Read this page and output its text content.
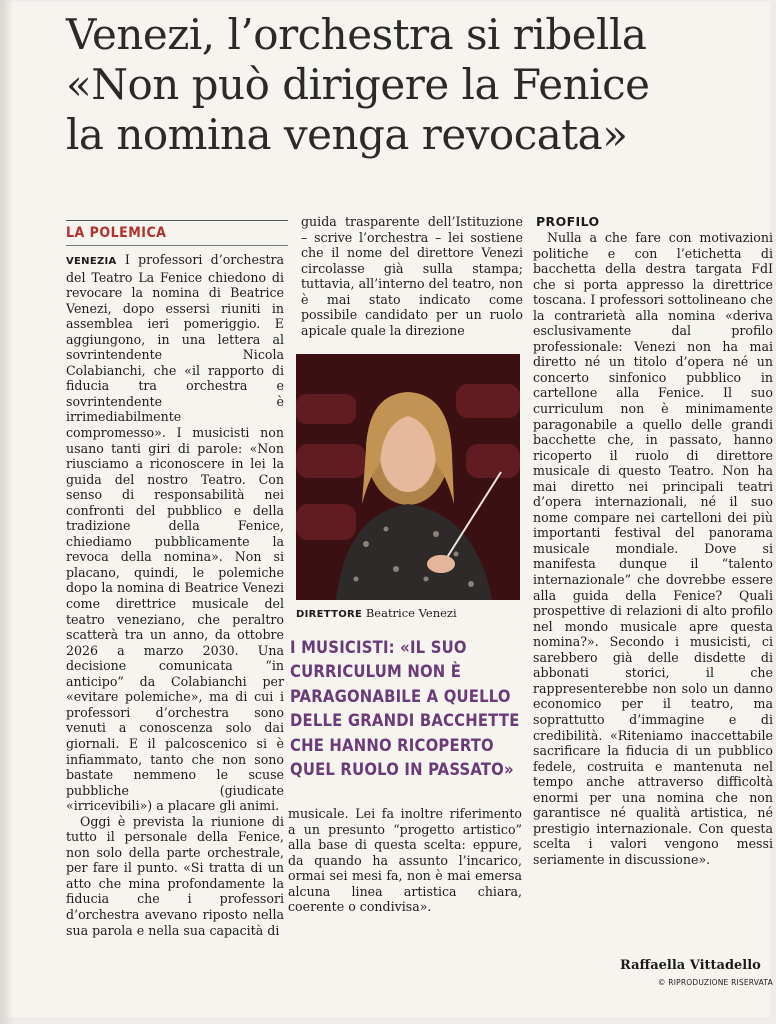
Venezi, l’orchestra si ribella
«Non può dirigere la Fenice
la nomina venga revocata»
LA POLEMICA

VENEZIA I professori d’orchestra del Teatro La Fenice chiedono di revocare la nomina di Beatrice Venezi, dopo essersi riuniti in assemblea ieri pomeriggio. E aggiungono, in una lettera al sovrintendente Nicola Colabianchi, che «il rapporto di fiducia tra orchestra e sovrintendente è irrimediabilmente compromesso». I musicisti non usano tanti giri di parole: «Non riusciamo a riconoscere in lei la guida del nostro Teatro. Con senso di responsabilità nei confronti del pubblico e della tradizione della Fenice, chiediamo pubblicamente la revoca della nomina». Non si placano, quindi, le polemiche dopo la nomina di Beatrice Venezi come direttrice musicale del teatro veneziano, che peraltro scatterà tra un anno, da ottobre 2026 a marzo 2030. Una decisione comunicata “in anticipo” da Colabianchi per «evitare polemiche», ma di cui i professori d’orchestra sono venuti a conoscenza solo dai giornali. E il palcoscenico si è infiammato, tanto che non sono bastate nemmeno le scuse pubbliche (giudicate «irricevibili») a placare gli animi.

Oggi è prevista la riunione di tutto il personale della Fenice, non solo della parte orchestrale, per fare il punto. «Si tratta di un atto che mina profondamente la fiducia che i professori d’orchestra avevano riposto nella sua parola e nella sua capacità di

guida trasparente dell’Istituzione – scrive l’orchestra – lei sostiene che il nome del direttore Venezi circolasse già sulla stampa; tuttavia, all’interno del teatro, non è mai stato indicato come possibile candidato per un ruolo apicale quale la direzione

DIRETTORE Beatrice Venezi
I MUSICISTI: «IL SUO CURRICULUM NON È PARAGONABILE A QUELLO DELLE GRANDI BACCHETTE CHE HANNO RICOPERTO QUEL RUOLO IN PASSATO»

musicale. Lei fa inoltre riferimento a un presunto “progetto artistico” alla base di questa scelta: eppure, da quando ha assunto l’incarico, ormai sei mesi fa, non è mai emersa alcuna linea artistica chiara, coerente o condivisa».

PROFILO

Nulla a che fare con motivazioni politiche e con l’etichetta di bacchetta della destra targata FdI che si porta appresso la direttrice toscana. I professori sottolineano che la contrarietà alla nomina «deriva esclusivamente dal profilo professionale: Venezi non ha mai diretto né un titolo d’opera né un concerto sinfonico pubblico in cartellone alla Fenice. Il suo curriculum non è minimamente paragonabile a quello delle grandi bacchette che, in passato, hanno ricoperto il ruolo di direttore musicale di questo Teatro. Non ha mai diretto nei principali teatri d’opera internazionali, né il suo nome compare nei cartelloni dei più importanti festival del panorama musicale mondiale. Dove si manifesta dunque il “talento internazionale” che dovrebbe essere alla guida della Fenice? Quali prospettive di relazioni di alto profilo nel mondo musicale apre questa nomina?». Secondo i musicisti, ci sarebbero già delle disdette di abbonati storici, il che rappresenterebbe non solo un danno economico per il teatro, ma soprattutto d’immagine e di credibilità. «Riteniamo inaccettabile sacrificare la fiducia di un pubblico fedele, costruita e mantenuta nel tempo anche attraverso difficoltà enormi per una nomina che non garantisce né qualità artistica, né prestigio internazionale. Con questa scelta i valori vengono messi seriamente in discussione».

Raffaella Vittadello
© RIPRODUZIONE RISERVATA
